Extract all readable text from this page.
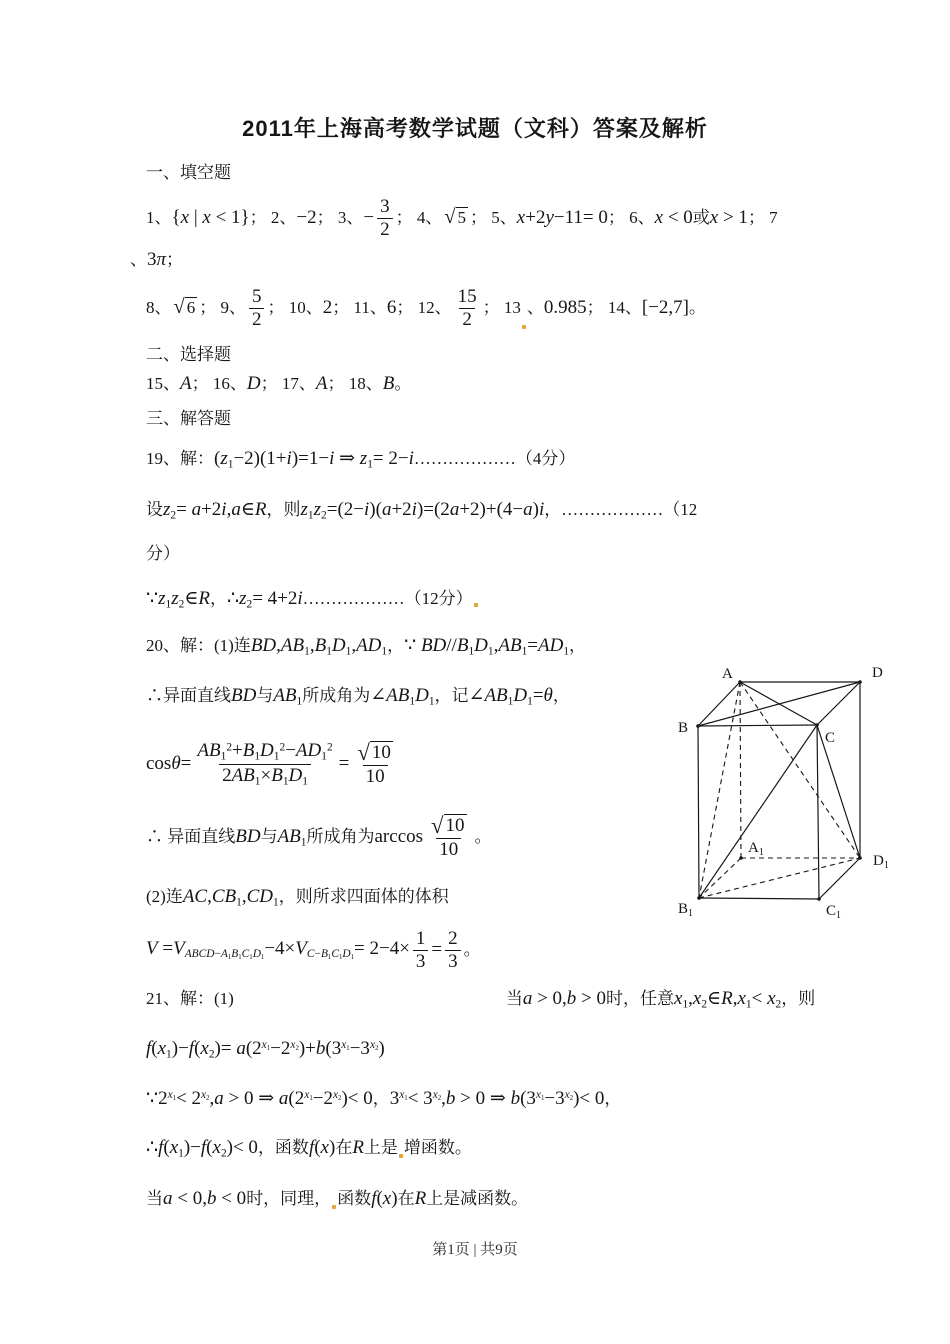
2011年上海高考数学试题（文科）答案及解析
一、填空题
1、 {x | x < 1} ； 2、 −2 ； 3、 − $\frac{3}{2}$ ； 4、 √ 5 ； 5、 x+2y−11= 0 ； 6、 x < 0 或 x > 1 ； 7
、 3π ；
8、 √ 6 ； 9、 $\frac{5}{2}$ ； 10、 2 ； 11、 6 ； 12、 $\frac{15}{2}$ ； 13 、 0.985 ； 14、 [−2,7] 。
二、选择题
15、 A ； 16、 D ； 17、 A ； 18、 B 。
三、解答题
19、解： $(z_1-2)(1+i)=1-i$ ⇒ $z_1= 2-i$ ………………（4分）
设 $z_2=$ a+2i,a∈R ，则 $z_1z_2=(2-i)(a+2i)=(2a+2)+(4-a)i$ ，………………（12
分）
$\because z_1z_2\in R$ ， $\therefore z_2= 4+2i$ ………………（12分）
20、解：(1)连 $BD,AB_1,B_1D_1,AD_1$ ， ∵ $BD//B_1D_1,AB_1=AD_1$ ，
∴异面直线 BD 与 $AB_1$ 所成角为 $\angle AB_1D_1$ ，记 $\angle AB_1D_1=\theta$ ，
$\cos\theta= \frac{AB_1^2+B_1D_1^2-AD_1^2}{2AB_1\times B_1D_1} = \frac{√ 10}{10}$
∴ 异面直线 BD 与 $AB_1$ 所成角为 $\arccos \frac{√ 10}{10}$ 。
(2)连 $AC,CB_1,CD_1$ ，则所求四面体的体积
$V =V_{ABCD-A_1B_1C_1D_1}-4\times V_{C-B_1C_1D_1}= 2-4\times \frac{1}{3} = \frac{2}{3}$ 。
21、解：(1)	当 a > 0,b > 0 时，任意 $x_1,x_2\in R,x_1< x_2$ ，则
$f(x_1)-f(x_2)= a(2^{x_1}-2^{x_2})+b(3^{x_1}-3^{x_2})$
$\because 2^{x_1}< 2^{x_2},a > 0$ ⇒ $a(2^{x_1}-2^{x_2})< 0$ ， $3^{x_1}< 3^{x_2},b > 0$ ⇒ $b(3^{x_1}-3^{x_2})< 0$ ，
$\therefore f(x_1)-f(x_2)< 0$ ，函数 f(x) 在 R 上是 增函数。
当 a < 0,b < 0 时，同理， 函数 f(x) 在 R 上是减函数。
A	D
B
C
$A_1$
$D_1$
$B_1$	$C_1$
第1页 | 共9页
